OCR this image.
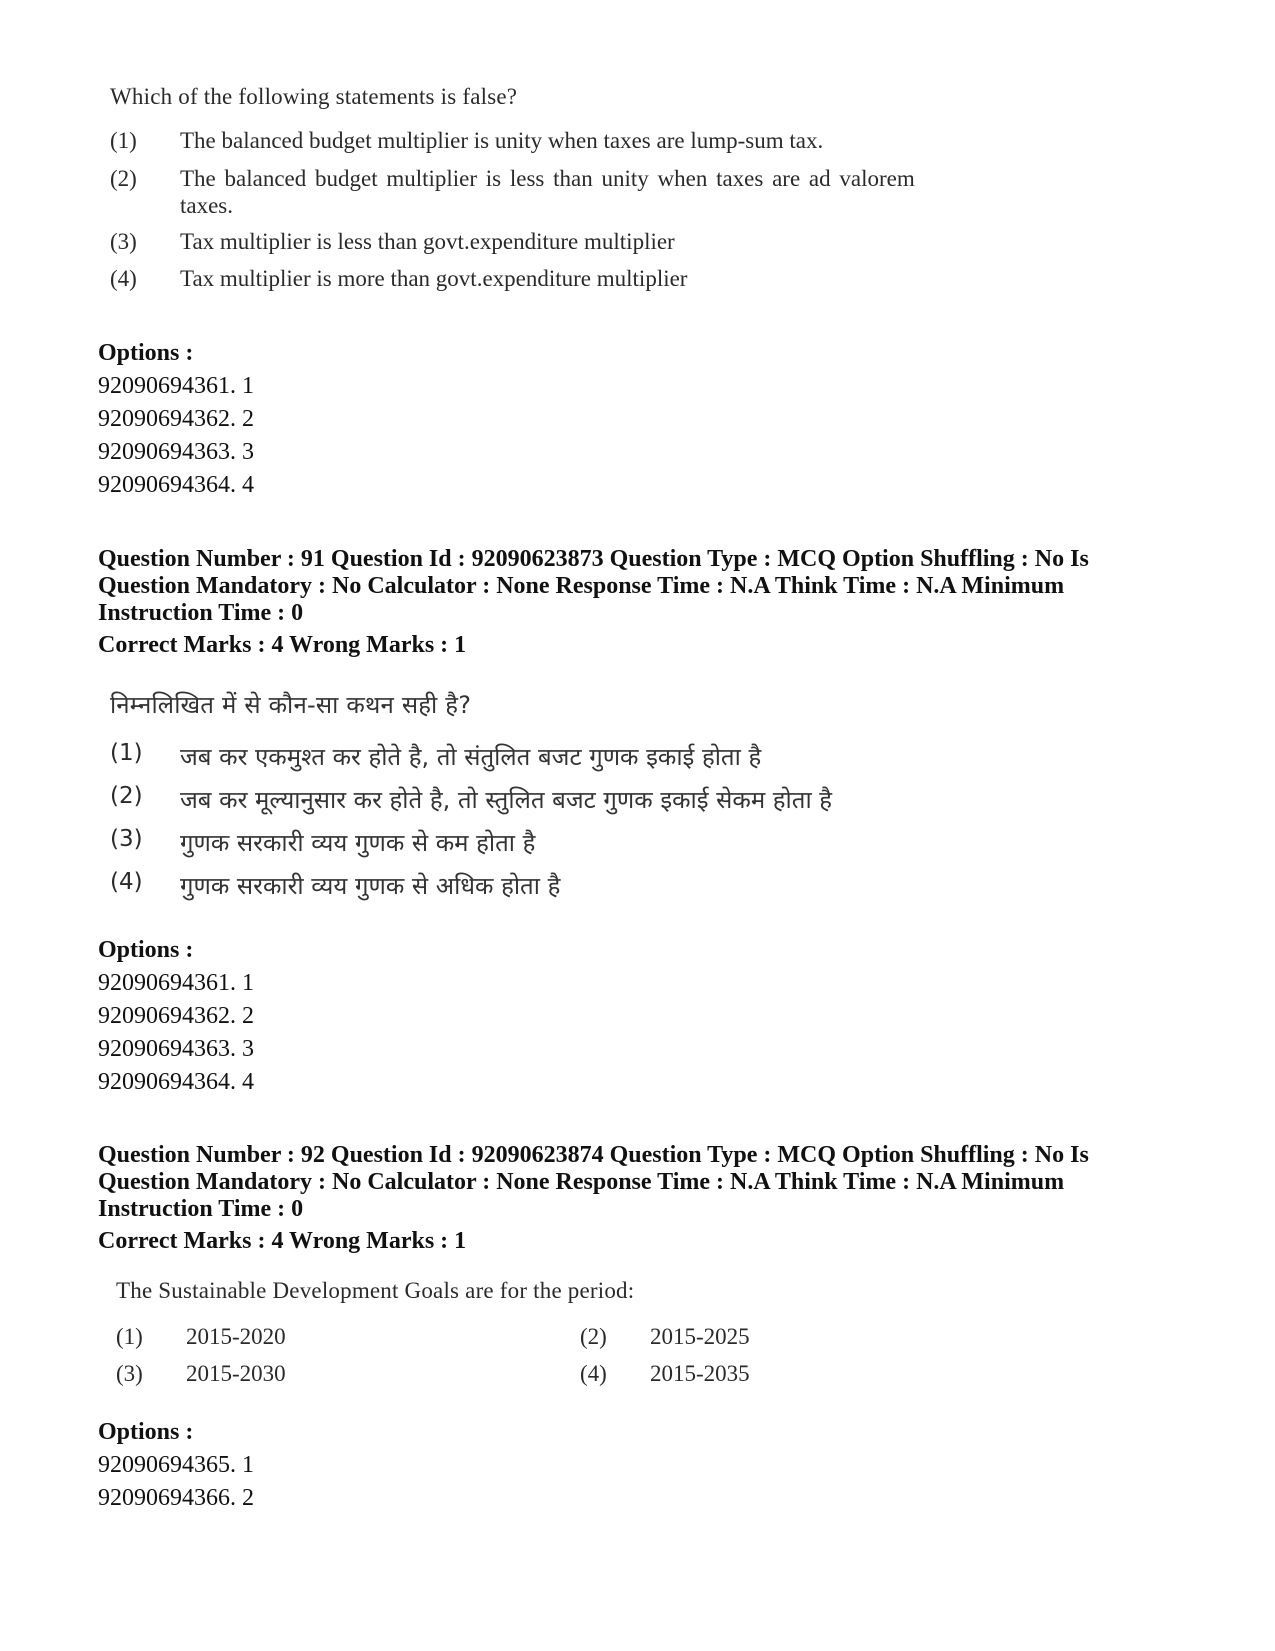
Which of the following statements is false?
(1) The balanced budget multiplier is unity when taxes are lump-sum tax.
(2) The balanced budget multiplier is less than unity when taxes are ad valorem
taxes.
(3) Tax multiplier is less than govt.expenditure multiplier
(4) Tax multiplier is more than govt.expenditure multiplier
Options :
92090694361. 1
92090694362. 2
92090694363. 3
92090694364. 4
Question Number : 91 Question Id : 92090623873 Question Type : MCQ Option Shuffling : No Is
Question Mandatory : No Calculator : None Response Time : N.A Think Time : N.A Minimum
Instruction Time : 0
Correct Marks : 4 Wrong Marks : 1
निम्नलिखित में से कौन-सा कथन सही है?
(1) जब कर एकमुश्त कर होते है, तो संतुलित बजट गुणक इकाई होता है
(2) जब कर मूल्यानुसार कर होते है, तो स्तुलित बजट गुणक इकाई सेकम होता है
(3) गुणक सरकारी व्यय गुणक से कम होता है
(4) गुणक सरकारी व्यय गुणक से अधिक होता है
Options :
92090694361. 1
92090694362. 2
92090694363. 3
92090694364. 4
Question Number : 92 Question Id : 92090623874 Question Type : MCQ Option Shuffling : No Is
Question Mandatory : No Calculator : None Response Time : N.A Think Time : N.A Minimum
Instruction Time : 0
Correct Marks : 4 Wrong Marks : 1
The Sustainable Development Goals are for the period:
(1) 2015-2020	(2) 2015-2025
(3) 2015-2030	(4) 2015-2035
Options :
92090694365. 1
92090694366. 2
